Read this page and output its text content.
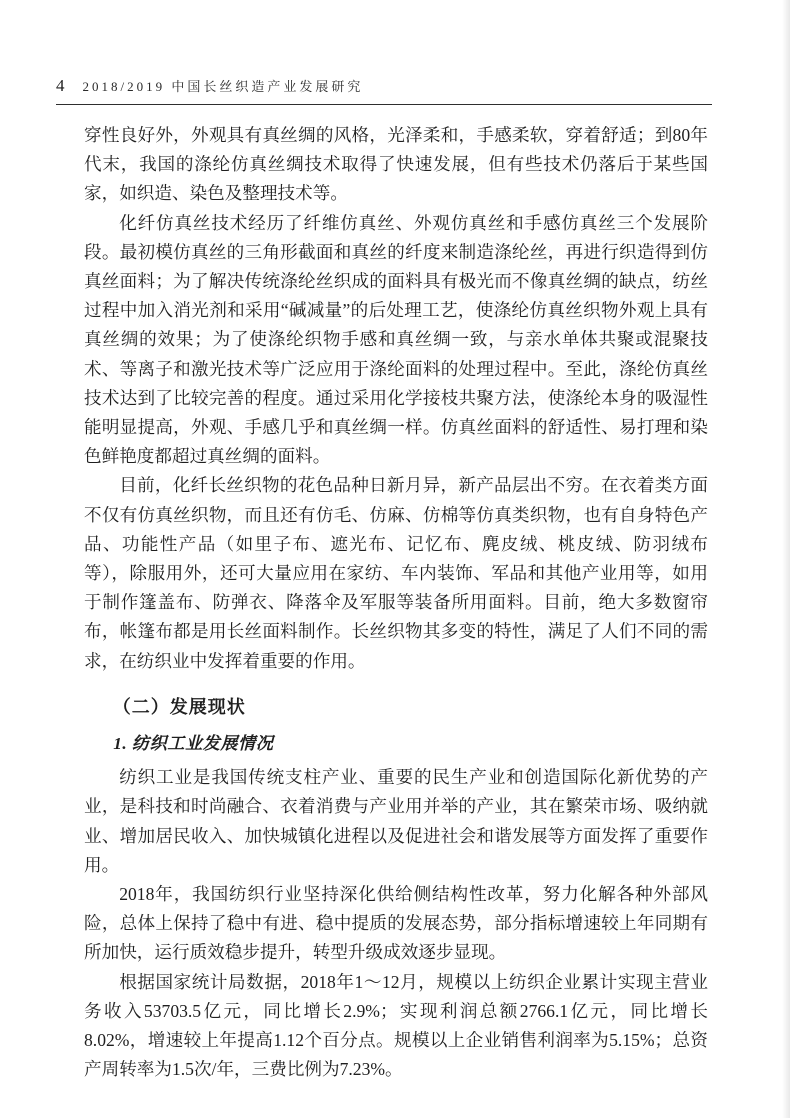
4 2018/2019 中国长丝织造产业发展研究

穿性良好外，外观具有真丝绸的风格，光泽柔和，手感柔软，穿着舒适；到80年代末，我国的涤纶仿真丝绸技术取得了快速发展，但有些技术仍落后于某些国家，如织造、染色及整理技术等。

化纤仿真丝技术经历了纤维仿真丝、外观仿真丝和手感仿真丝三个发展阶段。最初模仿真丝的三角形截面和真丝的纤度来制造涤纶丝，再进行织造得到仿真丝面料；为了解决传统涤纶丝织成的面料具有极光而不像真丝绸的缺点，纺丝过程中加入消光剂和采用“碱减量”的后处理工艺，使涤纶仿真丝织物外观上具有真丝绸的效果；为了使涤纶织物手感和真丝绸一致，与亲水单体共聚或混聚技术、等离子和激光技术等广泛应用于涤纶面料的处理过程中。至此，涤纶仿真丝技术达到了比较完善的程度。通过采用化学接枝共聚方法，使涤纶本身的吸湿性能明显提高，外观、手感几乎和真丝绸一样。仿真丝面料的舒适性、易打理和染色鲜艳度都超过真丝绸的面料。

目前，化纤长丝织物的花色品种日新月异，新产品层出不穷。在衣着类方面不仅有仿真丝织物，而且还有仿毛、仿麻、仿棉等仿真类织物，也有自身特色产品、功能性产品（如里子布、遮光布、记忆布、麂皮绒、桃皮绒、防羽绒布等），除服用外，还可大量应用在家纺、车内装饰、军品和其他产业用等，如用于制作篷盖布、防弹衣、降落伞及军服等装备所用面料。目前，绝大多数窗帘布，帐篷布都是用长丝面料制作。长丝织物其多变的特性，满足了人们不同的需求，在纺织业中发挥着重要的作用。

（二）发展现状
1. 纺织工业发展情况

纺织工业是我国传统支柱产业、重要的民生产业和创造国际化新优势的产业，是科技和时尚融合、衣着消费与产业用并举的产业，其在繁荣市场、吸纳就业、增加居民收入、加快城镇化进程以及促进社会和谐发展等方面发挥了重要作用。

2018年，我国纺织行业坚持深化供给侧结构性改革，努力化解各种外部风险，总体上保持了稳中有进、稳中提质的发展态势，部分指标增速较上年同期有所加快，运行质效稳步提升，转型升级成效逐步显现。

根据国家统计局数据，2018年1～12月，规模以上纺织企业累计实现主营业务收入53703.5亿元，同比增长2.9%；实现利润总额2766.1亿元，同比增长8.02%，增速较上年提高1.12个百分点。规模以上企业销售利润率为5.15%；总资产周转率为1.5次/年，三费比例为7.23%。
